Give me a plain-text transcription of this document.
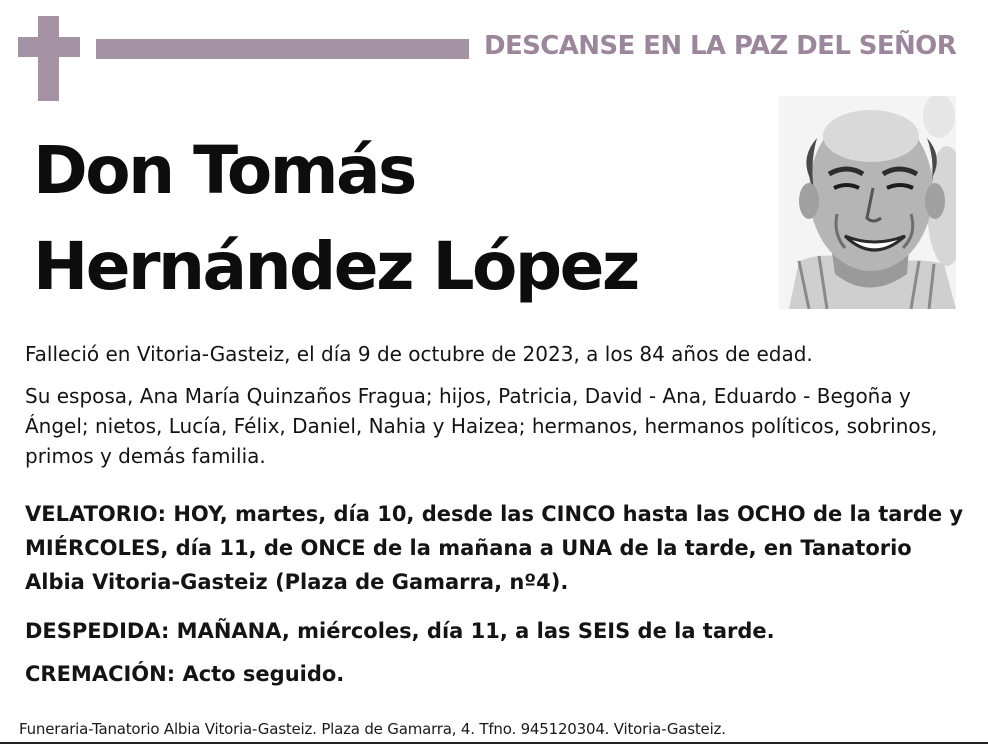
DESCANSE EN LA PAZ DEL SEÑOR
Don Tomás
Hernández López

Falleció en Vitoria-Gasteiz, el día 9 de octubre de 2023, a los 84 años de edad.

Su esposa, Ana María Quinzaños Fragua; hijos, Patricia, David - Ana, Eduardo - Begoña y Ángel; nietos, Lucía, Félix, Daniel, Nahia y Haizea; hermanos, hermanos políticos, sobrinos, primos y demás familia.

VELATORIO: HOY, martes, día 10, desde las CINCO hasta las OCHO de la tarde y MIÉRCOLES, día 11, de ONCE de la mañana a UNA de la tarde, en Tanatorio Albia Vitoria-Gasteiz (Plaza de Gamarra, nº4).

DESPEDIDA: MAÑANA, miércoles, día 11, a las SEIS de la tarde.

CREMACIÓN: Acto seguido.

Funeraria-Tanatorio Albia Vitoria-Gasteiz. Plaza de Gamarra, 4. Tfno. 945120304. Vitoria-Gasteiz.
